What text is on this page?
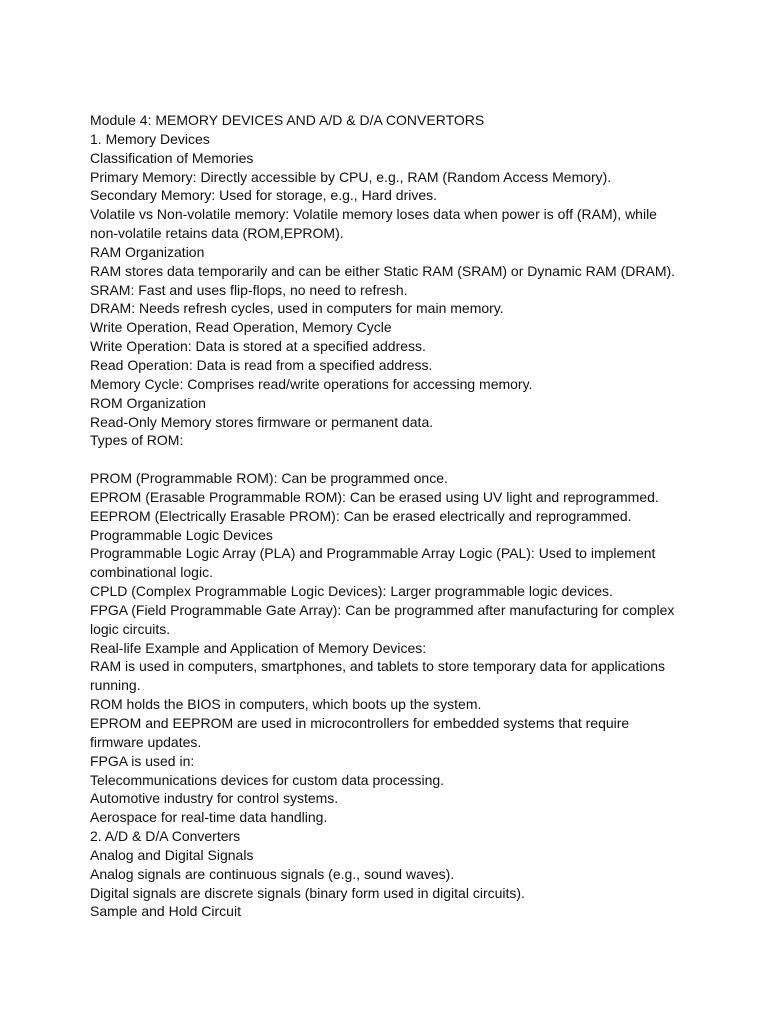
Module 4: MEMORY DEVICES AND A/D & D/A CONVERTORS

1. Memory Devices

Classification of Memories

Primary Memory: Directly accessible by CPU, e.g., RAM (Random Access Memory).

Secondary Memory: Used for storage, e.g., Hard drives.

Volatile vs Non-volatile memory: Volatile memory loses data when power is off (RAM), while non-volatile retains data (ROM,EPROM).

RAM Organization

RAM stores data temporarily and can be either Static RAM (SRAM) or Dynamic RAM (DRAM).

SRAM: Fast and uses flip-flops, no need to refresh.

DRAM: Needs refresh cycles, used in computers for main memory.

Write Operation, Read Operation, Memory Cycle

Write Operation: Data is stored at a specified address.

Read Operation: Data is read from a specified address.

Memory Cycle: Comprises read/write operations for accessing memory.

ROM Organization

Read-Only Memory stores firmware or permanent data.

Types of ROM:

PROM (Programmable ROM): Can be programmed once.

EPROM (Erasable Programmable ROM): Can be erased using UV light and reprogrammed.

EEPROM (Electrically Erasable PROM): Can be erased electrically and reprogrammed.

Programmable Logic Devices

Programmable Logic Array (PLA) and Programmable Array Logic (PAL): Used to implement combinational logic.

CPLD (Complex Programmable Logic Devices): Larger programmable logic devices.

FPGA (Field Programmable Gate Array): Can be programmed after manufacturing for complex logic circuits.

Real-life Example and Application of Memory Devices:

RAM is used in computers, smartphones, and tablets to store temporary data for applications running.

ROM holds the BIOS in computers, which boots up the system.

EPROM and EEPROM are used in microcontrollers for embedded systems that require firmware updates.

FPGA is used in:

Telecommunications devices for custom data processing.

Automotive industry for control systems.

Aerospace for real-time data handling.

2. A/D & D/A Converters

Analog and Digital Signals

Analog signals are continuous signals (e.g., sound waves).

Digital signals are discrete signals (binary form used in digital circuits).

Sample and Hold Circuit
